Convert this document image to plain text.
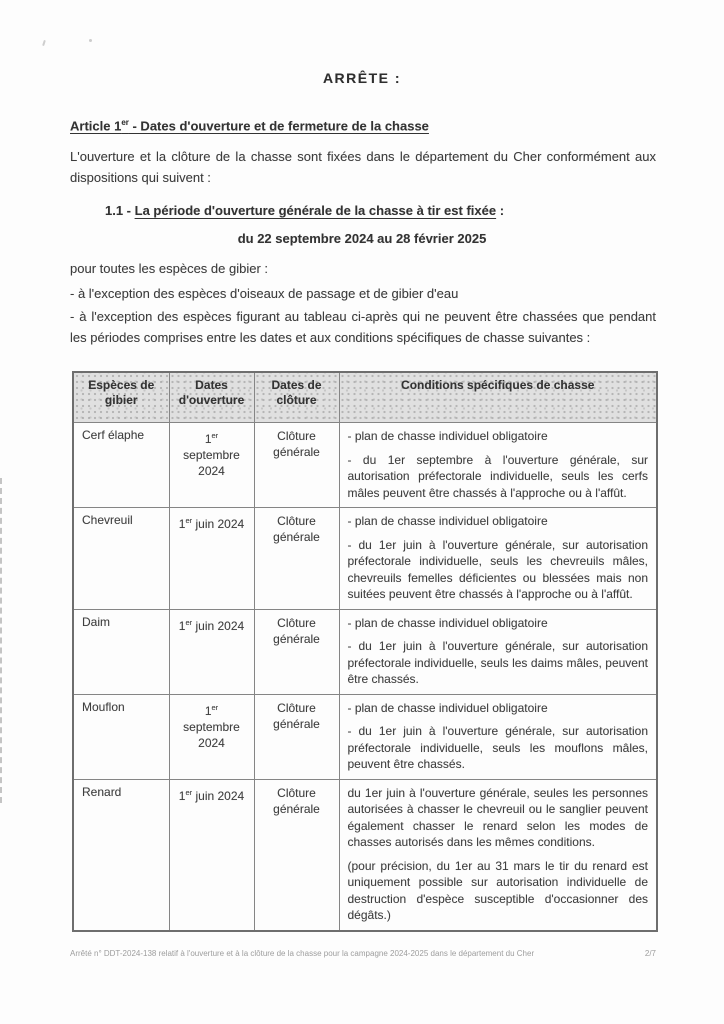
ARRÊTE :
Article 1er - Dates d'ouverture et de fermeture de la chasse
L'ouverture et la clôture de la chasse sont fixées dans le département du Cher conformément aux dispositions qui suivent :
1.1 - La période d'ouverture générale de la chasse à tir est fixée :
du 22 septembre 2024 au 28 février 2025
pour toutes les espèces de gibier :
- à l'exception des espèces d'oiseaux de passage et de gibier d'eau
- à l'exception des espèces figurant au tableau ci-après qui ne peuvent être chassées que pendant les périodes comprises entre les dates et aux conditions spécifiques de chasse suivantes :
Espèces de gibier	Dates d'ouverture	Dates de clôture	Conditions spécifiques de chasse
Cerf élaphe	1er septembre 2024	Clôture générale	- plan de chasse individuel obligatoire

- du 1er septembre à l'ouverture générale, sur autorisation préfectorale individuelle, seuls les cerfs mâles peuvent être chassés à l'approche ou à l'affût.

Chevreuil	1er juin 2024	Clôture générale	- plan de chasse individuel obligatoire

- du 1er juin à l'ouverture générale, sur autorisation préfectorale individuelle, seuls les chevreuils mâles, chevreuils femelles déficientes ou blessées mais non suitées peuvent être chassés à l'approche ou à l'affût.

Daim	1er juin 2024	Clôture générale	- plan de chasse individuel obligatoire

- du 1er juin à l'ouverture générale, sur autorisation préfectorale individuelle, seuls les daims mâles, peuvent être chassés.

Mouflon	1er septembre 2024	Clôture générale	- plan de chasse individuel obligatoire

- du 1er juin à l'ouverture générale, sur autorisation préfectorale individuelle, seuls les mouflons mâles, peuvent être chassés.

Renard	1er juin 2024	Clôture générale	du 1er juin à l'ouverture générale, seules les personnes autorisées à chasser le chevreuil ou le sanglier peuvent également chasser le renard selon les modes de chasses autorisés dans les mêmes conditions.

(pour précision, du 1er au 31 mars le tir du renard est uniquement possible sur autorisation individuelle de destruction d'espèce susceptible d'occasionner des dégâts.)

Arrêté n° DDT-2024-138 relatif à l'ouverture et à la clôture de la chasse pour la campagne 2024-2025 dans le département du Cher	2/7
